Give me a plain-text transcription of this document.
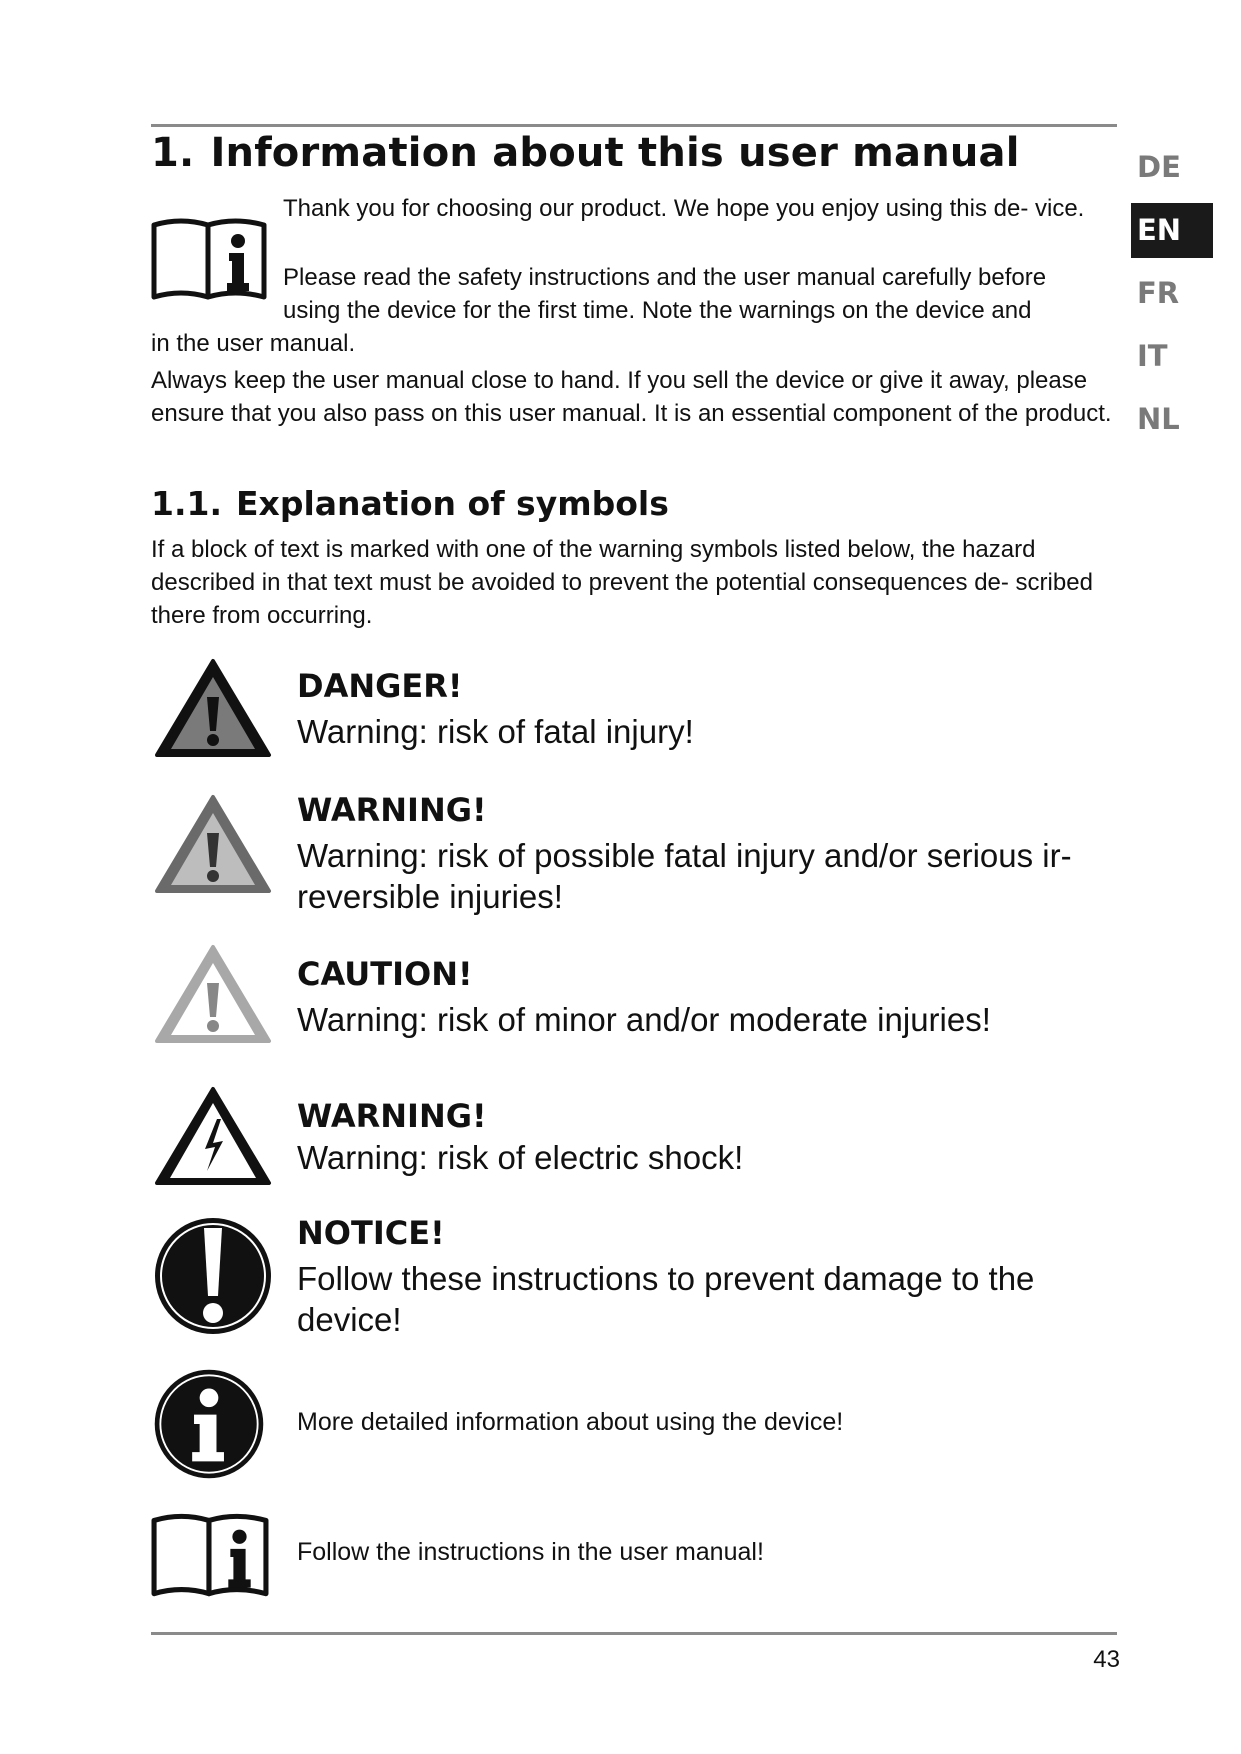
1. Information about this user manual	DE
EN
FR
IT
NL

Thank you for choosing our product. We hope you enjoy using this de- vice.

Please read the safety instructions and the user manual carefully before using the device for the first time. Note the warnings on the device and

in the user manual.

Always keep the user manual close to hand. If you sell the device or give it away, please ensure that you also pass on this user manual. It is an essential component of the product.

1.1. Explanation of symbols

If a block of text is marked with one of the warning symbols listed below, the hazard described in that text must be avoided to prevent the potential consequences de- scribed there from occurring.

DANGER!

Warning: risk of fatal injury!

WARNING!

Warning: risk of possible fatal injury and/or serious ir- reversible injuries!

CAUTION!

Warning: risk of minor and/or moderate injuries!

WARNING!

Warning: risk of electric shock!

NOTICE!

Follow these instructions to prevent damage to the device!

More detailed information about using the device!

Follow the instructions in the user manual!

43
